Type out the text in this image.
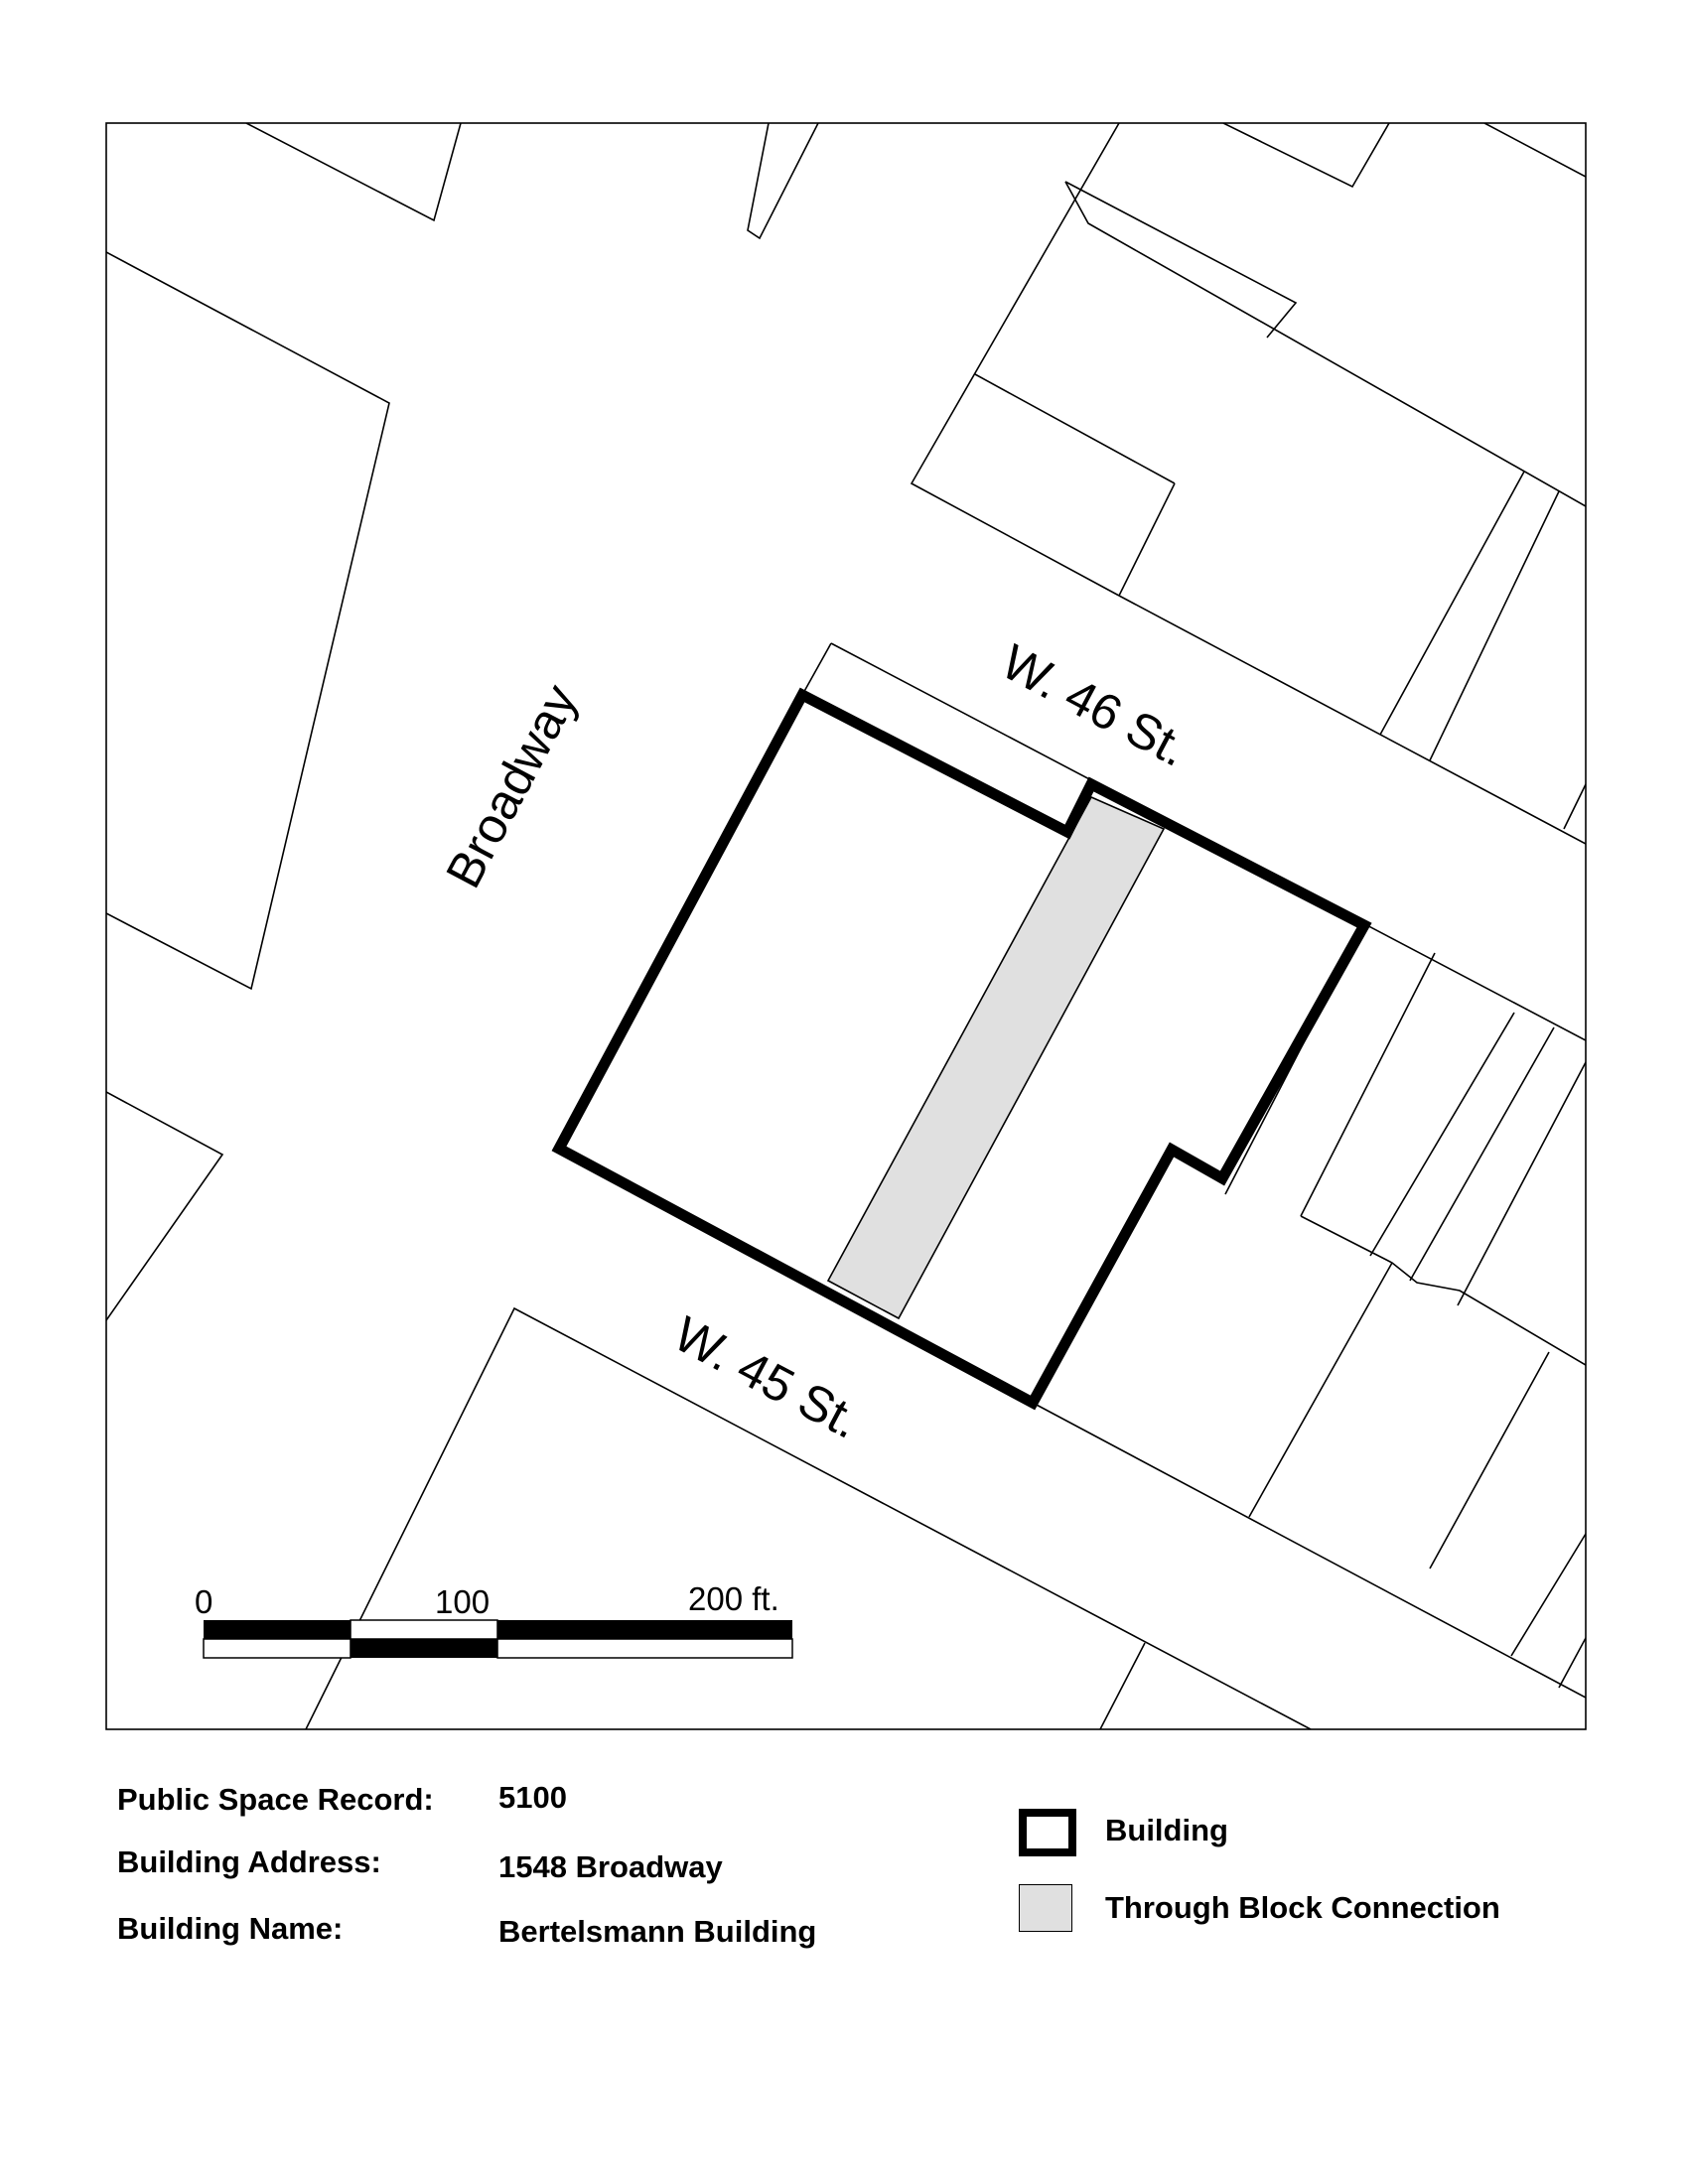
Broadway	W. 46 St.
W. 45 St.
0	100	200 ft.
Public Space Record: 5100
Building Address:	1548 Broadway
Building Name:	Bertelsmann Building
Building
Through Block Connection
